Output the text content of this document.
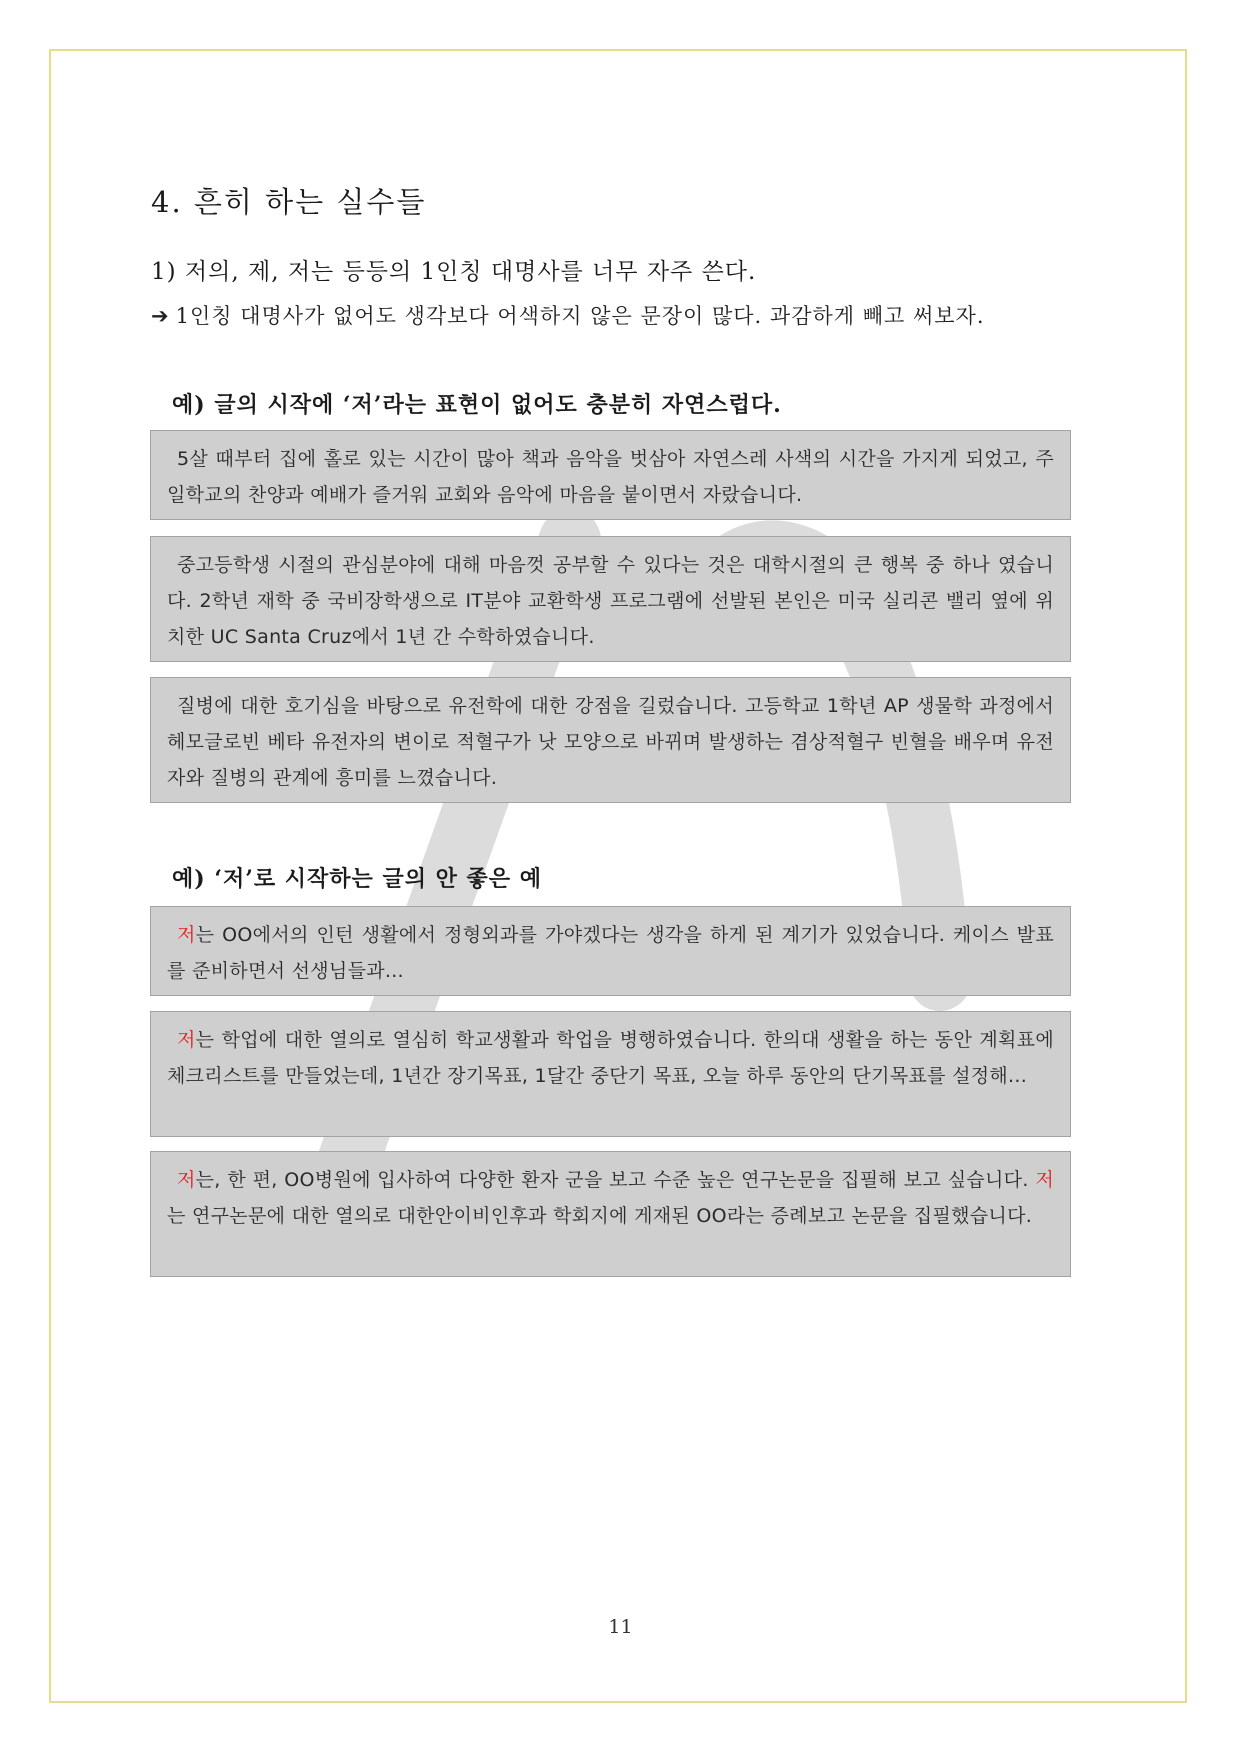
4. 흔히 하는 실수들

1) 저의, 제, 저는 등등의 1인칭 대명사를 너무 자주 쓴다.

➔ 1인칭 대명사가 없어도 생각보다 어색하지 않은 문장이 많다. 과감하게 빼고 써보자.

예) 글의 시작에 ‘저’라는 표현이 없어도 충분히 자연스럽다.

5살 때부터 집에 홀로 있는 시간이 많아 책과 음악을 벗삼아 자연스레 사색의 시간을 가지게 되었고, 주일학교의 찬양과 예배가 즐거워 교회와 음악에 마음을 붙이면서 자랐습니다.

중고등학생 시절의 관심분야에 대해 마음껏 공부할 수 있다는 것은 대학시절의 큰 행복 중 하나 였습니다. 2학년 재학 중 국비장학생으로 IT분야 교환학생 프로그램에 선발된 본인은 미국 실리콘 밸리 옆에 위치한 UC Santa Cruz에서 1년 간 수학하였습니다.

질병에 대한 호기심을 바탕으로 유전학에 대한 강점을 길렀습니다. 고등학교 1학년 AP 생물학 과정에서 헤모글로빈 베타 유전자의 변이로 적혈구가 낫 모양으로 바뀌며 발생하는 겸상적혈구 빈혈을 배우며 유전자와 질병의 관계에 흥미를 느꼈습니다.

예) ‘저’로 시작하는 글의 안 좋은 예

저는 OO에서의 인턴 생활에서 정형외과를 가야겠다는 생각을 하게 된 계기가 있었습니다. 케이스 발표를 준비하면서 선생님들과...

저는 학업에 대한 열의로 열심히 학교생활과 학업을 병행하였습니다. 한의대 생활을 하는 동안 계획표에 체크리스트를 만들었는데, 1년간 장기목표, 1달간 중단기 목표, 오늘 하루 동안의 단기목표를 설정해...

저는, 한 편, OO병원에 입사하여 다양한 환자 군을 보고 수준 높은 연구논문을 집필해 보고 싶습니다. 저는 연구논문에 대한 열의로 대한안이비인후과 학회지에 게재된 OO라는 증례보고 논문을 집필했습니다.

11
